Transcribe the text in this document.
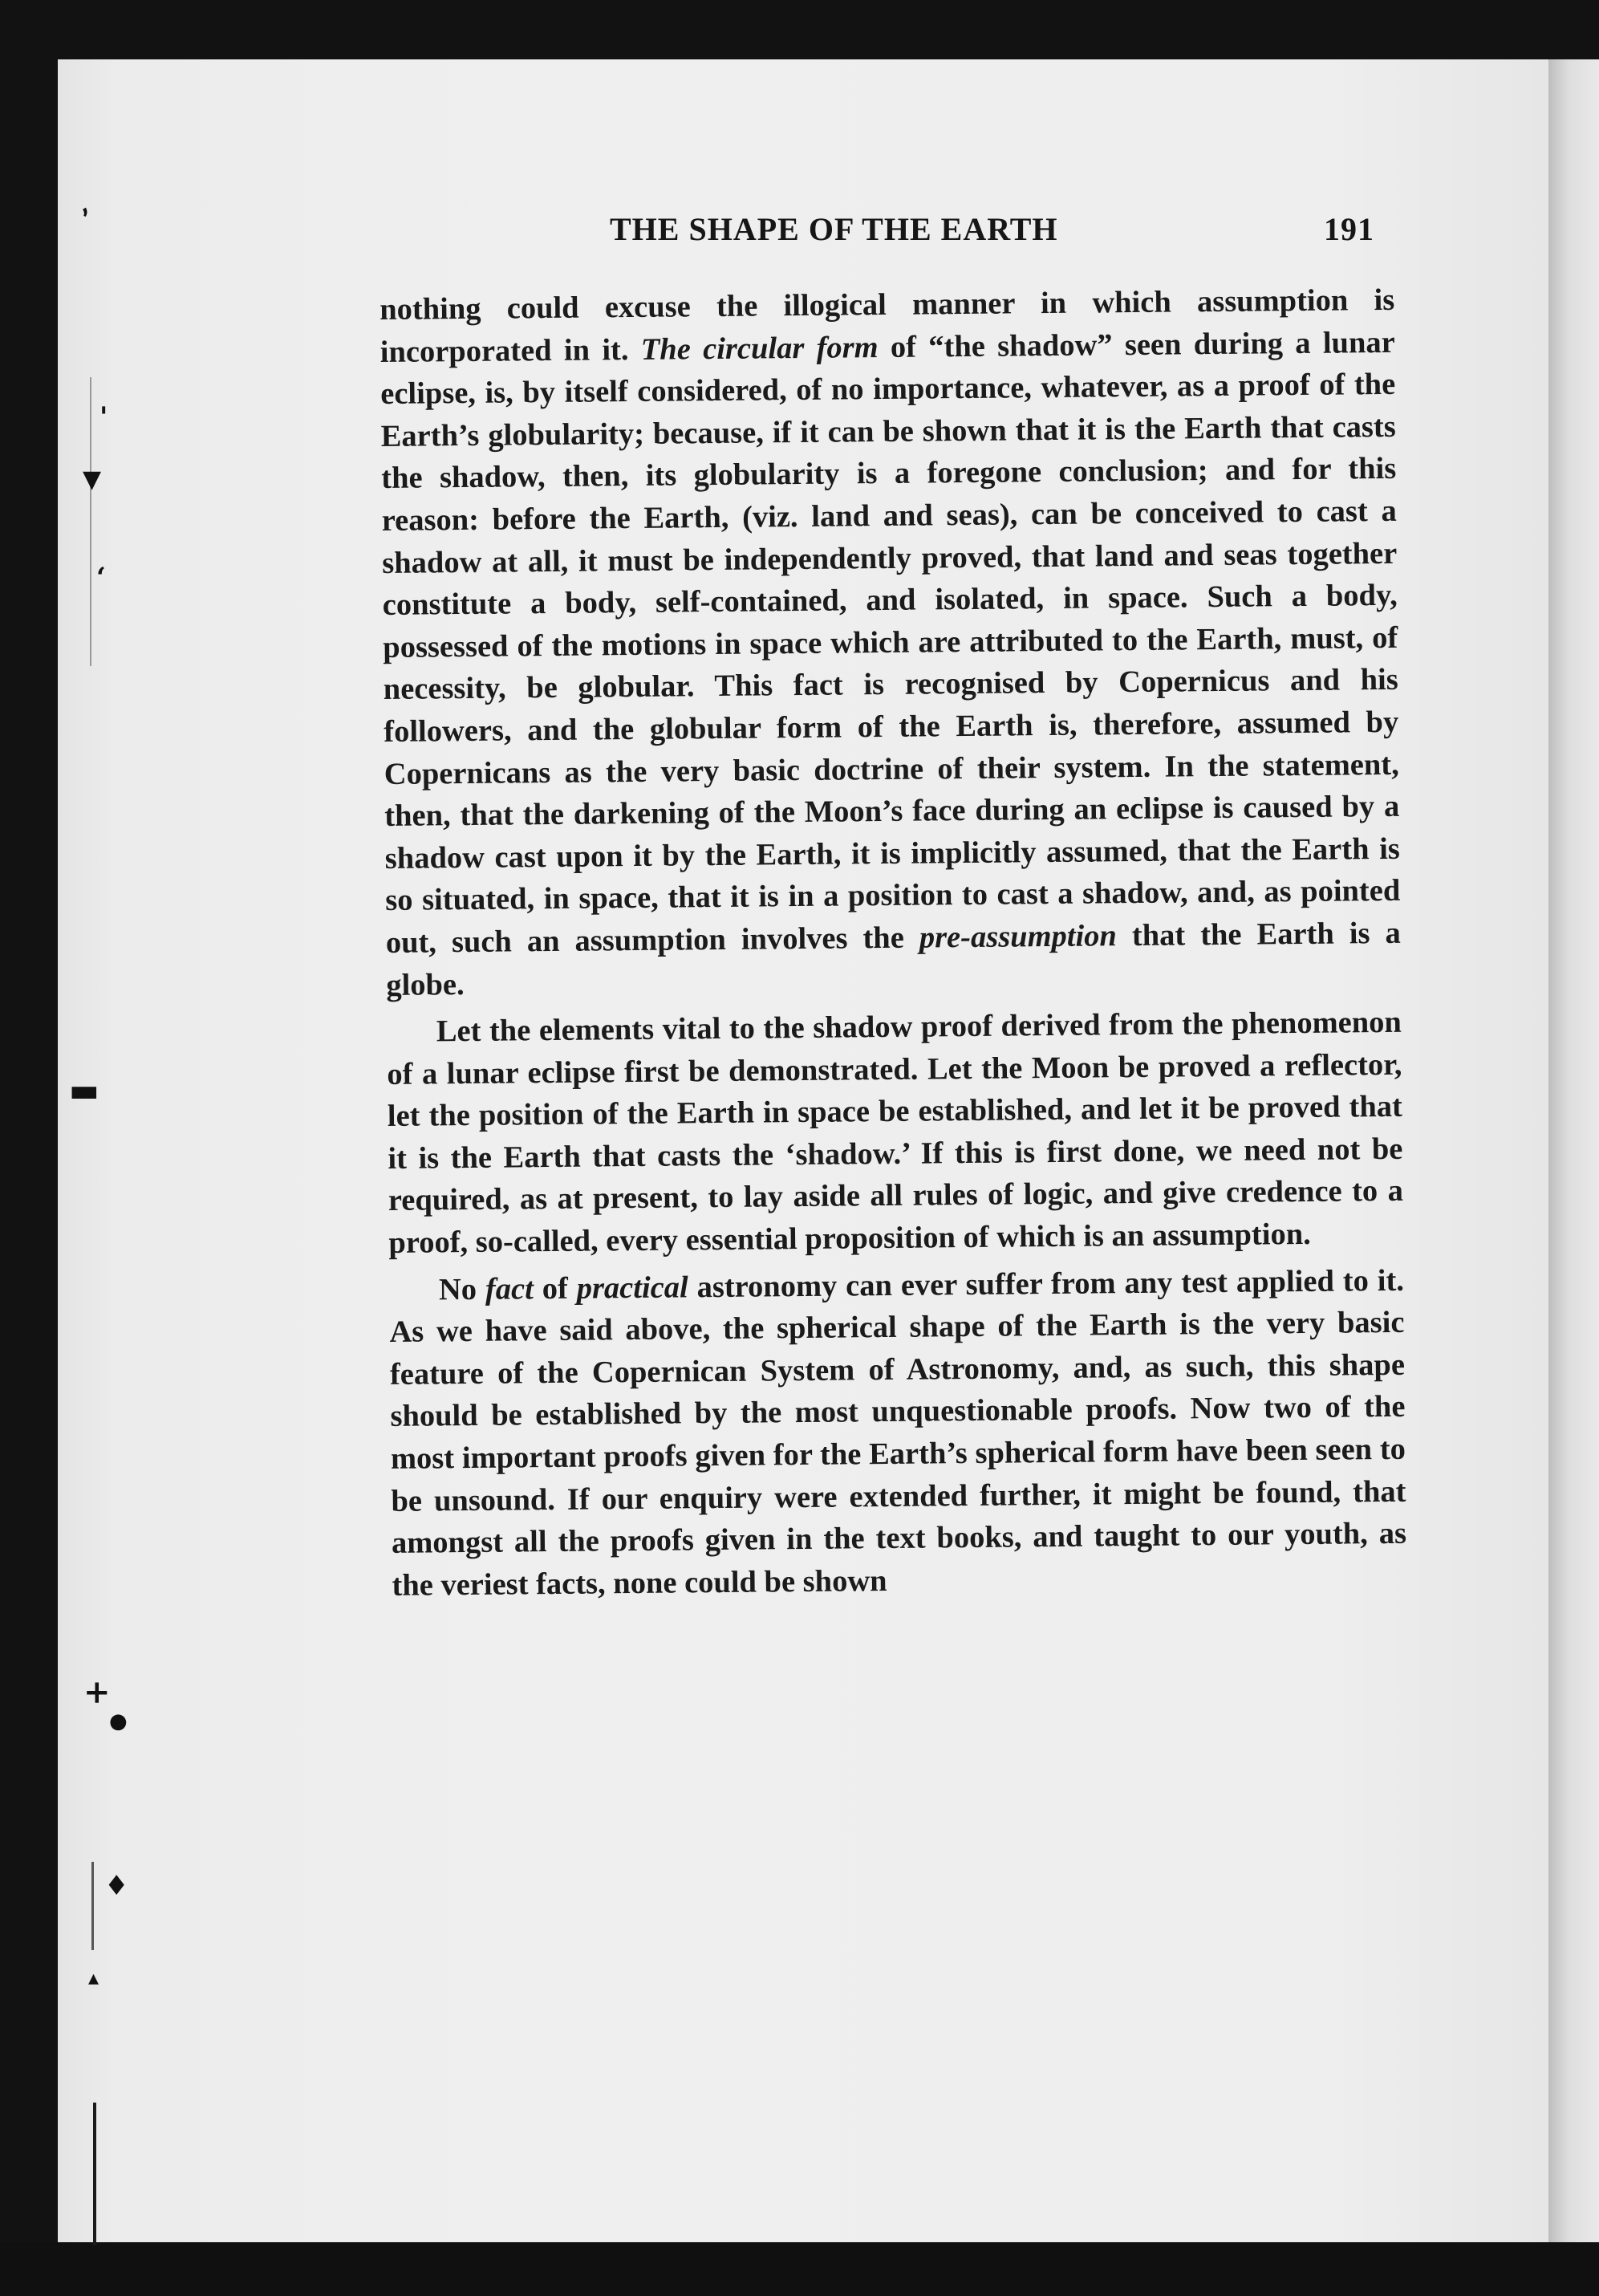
‚
'
▼
‘
▬
+
●
♦
▴
THE SHAPE OF THE EARTH	191

nothing could excuse the illogical manner in which assumption is incorporated in it. The circular form of “the shadow” seen during a lunar eclipse, is, by itself considered, of no importance, whatever, as a proof of the Earth’s globularity; because, if it can be shown that it is the Earth that casts the shadow, then, its globularity is a foregone conclusion; and for this reason: before the Earth, (viz. land and seas), can be conceived to cast a shadow at all, it must be independently proved, that land and seas together constitute a body, self-contained, and isolated, in space. Such a body, possessed of the motions in space which are attributed to the Earth, must, of necessity, be globular. This fact is recognised by Copernicus and his followers, and the globular form of the Earth is, therefore, assumed by Copernicans as the very basic doctrine of their system. In the statement, then, that the darkening of the Moon’s face during an eclipse is caused by a shadow cast upon it by the Earth, it is implicitly assumed, that the Earth is so situated, in space, that it is in a position to cast a shadow, and, as pointed out, such an assumption involves the pre-assumption that the Earth is a globe.

Let the elements vital to the shadow proof derived from the phenomenon of a lunar eclipse first be demonstrated. Let the Moon be proved a reflector, let the position of the Earth in space be established, and let it be proved that it is the Earth that casts the ‘shadow.’ If this is first done, we need not be required, as at present, to lay aside all rules of logic, and give credence to a proof, so-called, every essential proposition of which is an assumption.

No fact of practical astronomy can ever suffer from any test applied to it. As we have said above, the spherical shape of the Earth is the very basic feature of the Copernican System of Astronomy, and, as such, this shape should be established by the most unquestionable proofs. Now two of the most important proofs given for the Earth’s spherical form have been seen to be unsound. If our enquiry were extended further, it might be found, that amongst all the proofs given in the text books, and taught to our youth, as the veriest facts, none could be shown
